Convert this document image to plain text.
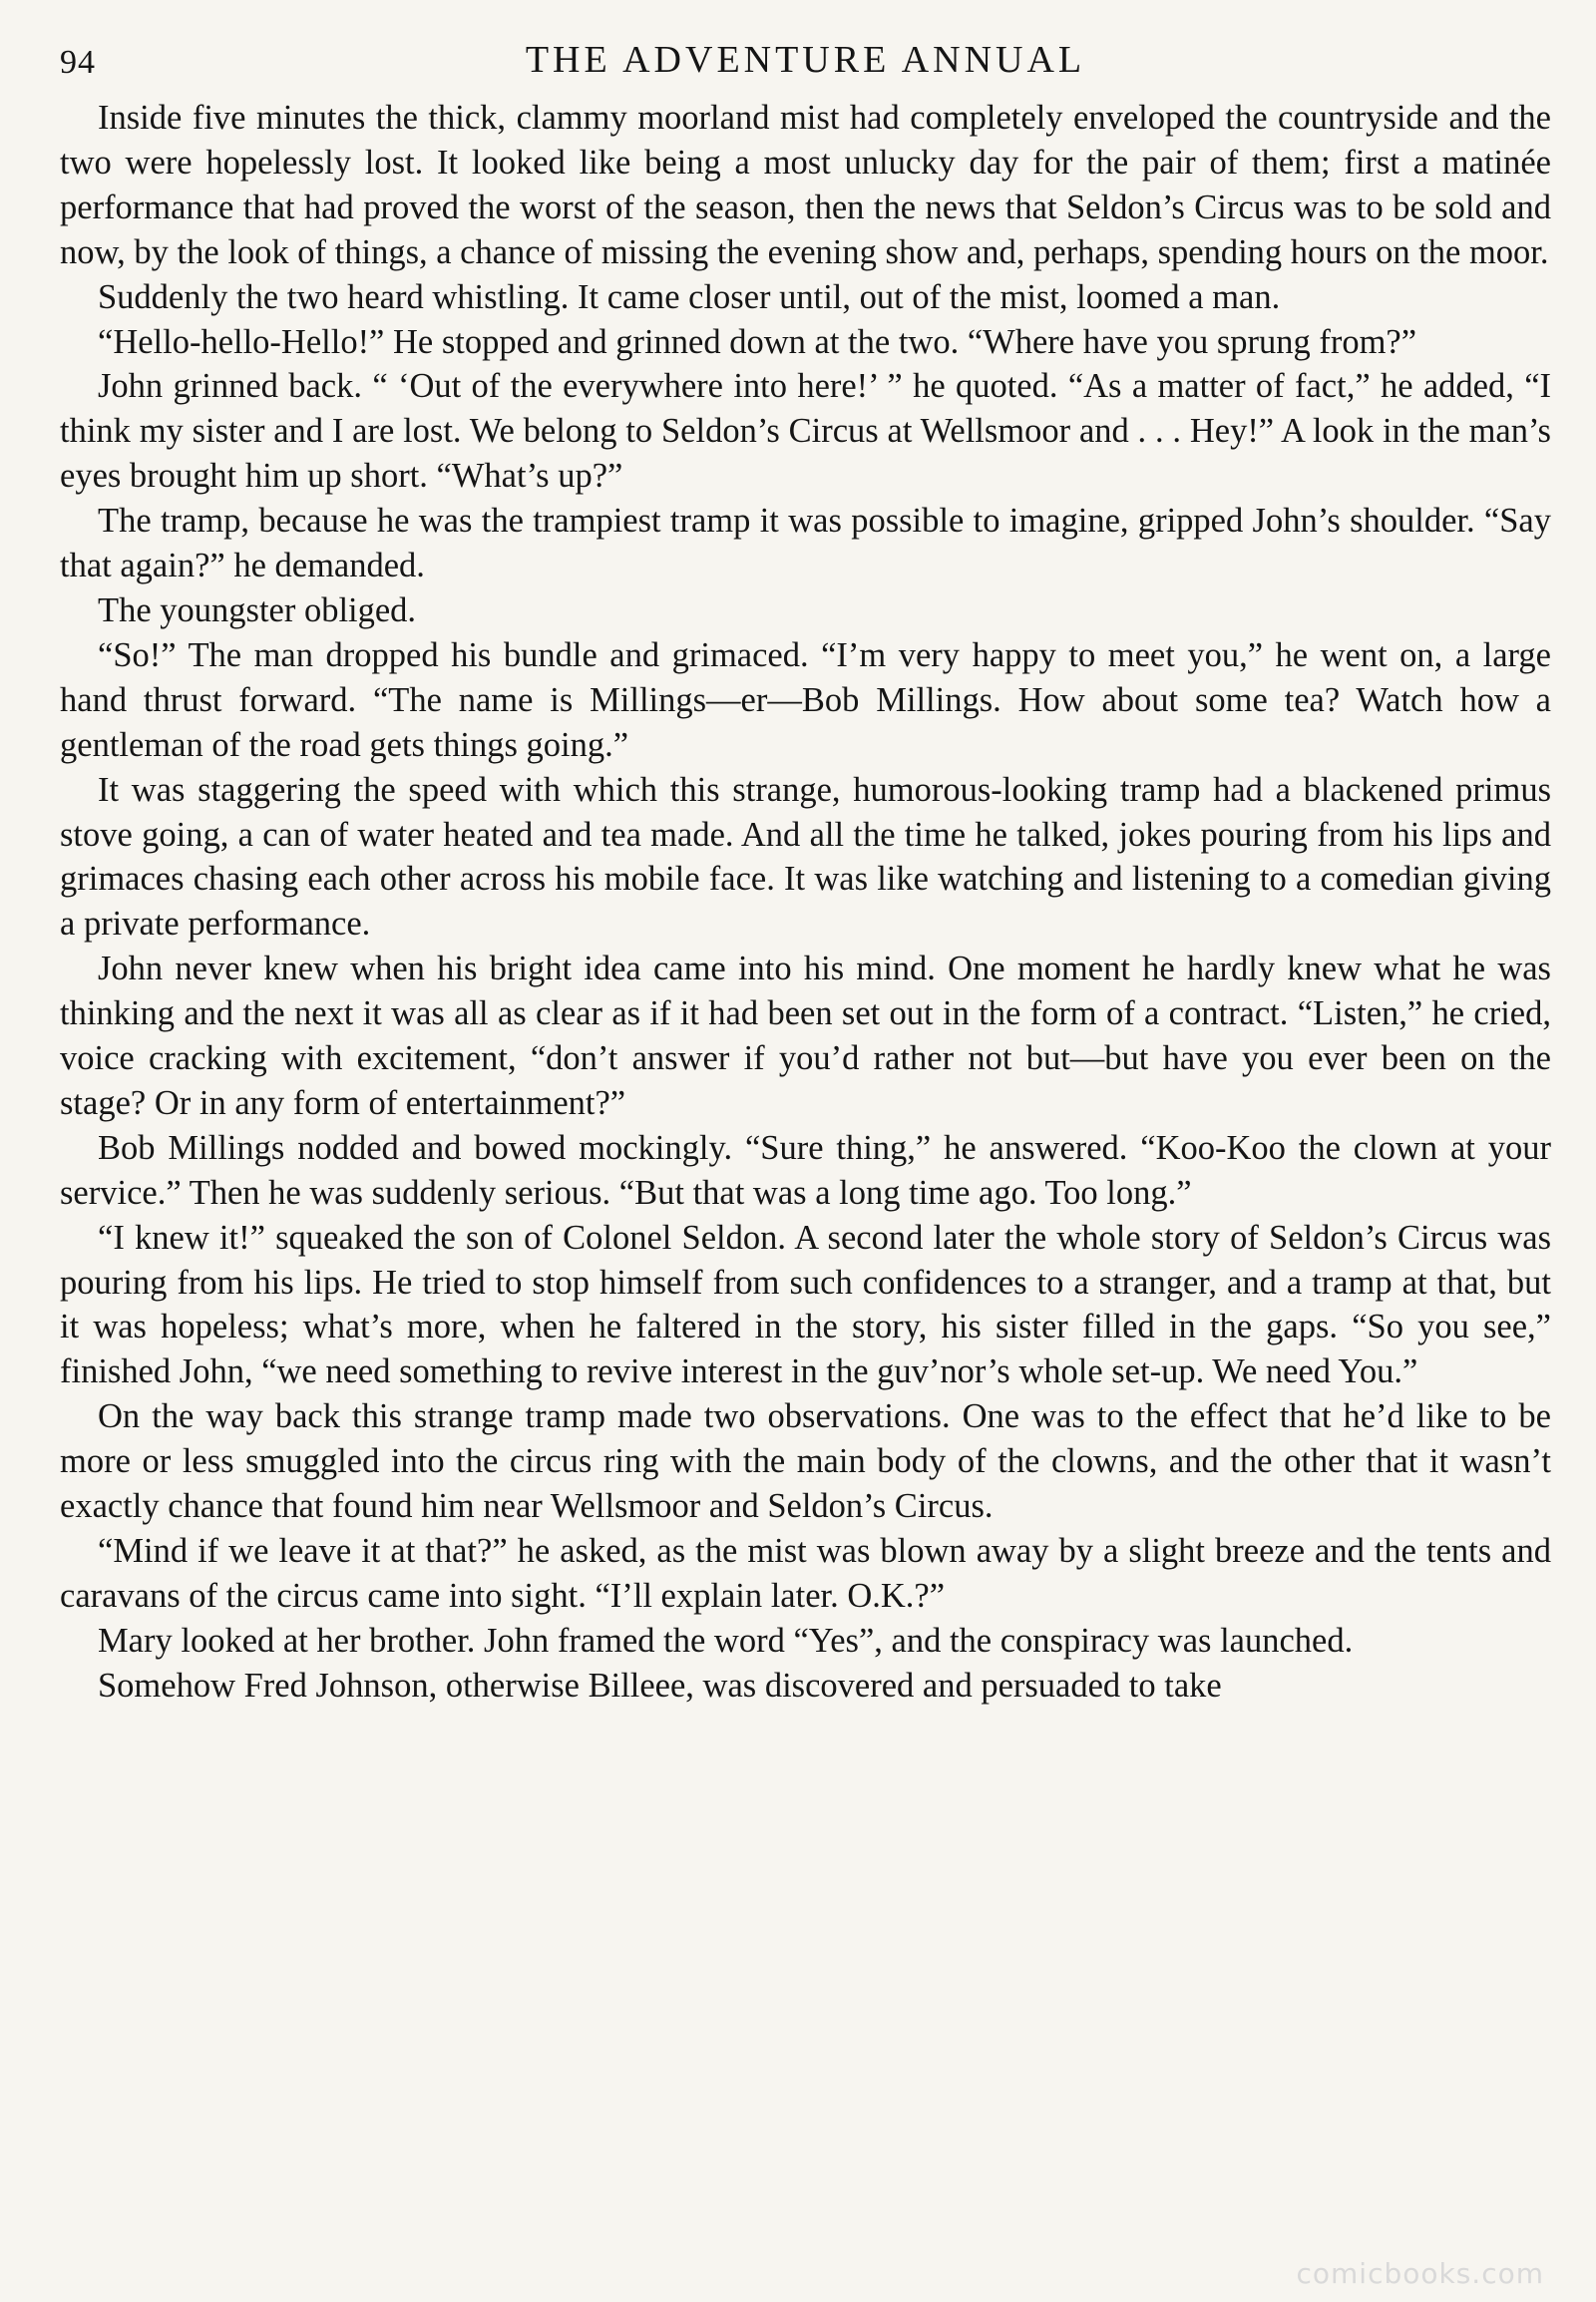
94	THE ADVENTURE ANNUAL

Inside five minutes the thick, clammy moorland mist had completely enveloped the countryside and the two were hopelessly lost. It looked like being a most unlucky day for the pair of them; first a matinée performance that had proved the worst of the season, then the news that Seldon’s Circus was to be sold and now, by the look of things, a chance of missing the evening show and, perhaps, spending hours on the moor.

Suddenly the two heard whistling. It came closer until, out of the mist, loomed a man.

“Hello-hello-Hello!” He stopped and grinned down at the two. “Where have you sprung from?”

John grinned back. “ ‘Out of the everywhere into here!’ ” he quoted. “As a matter of fact,” he added, “I think my sister and I are lost. We belong to Seldon’s Circus at Wellsmoor and . . . Hey!” A look in the man’s eyes brought him up short. “What’s up?”

The tramp, because he was the trampiest tramp it was possible to imagine, gripped John’s shoulder. “Say that again?” he demanded.

The youngster obliged.

“So!” The man dropped his bundle and grimaced. “I’m very happy to meet you,” he went on, a large hand thrust forward. “The name is Millings—er—Bob Millings. How about some tea? Watch how a gentleman of the road gets things going.”

It was staggering the speed with which this strange, humorous-looking tramp had a blackened primus stove going, a can of water heated and tea made. And all the time he talked, jokes pouring from his lips and grimaces chasing each other across his mobile face. It was like watching and listening to a comedian giving a private performance.

John never knew when his bright idea came into his mind. One moment he hardly knew what he was thinking and the next it was all as clear as if it had been set out in the form of a contract. “Listen,” he cried, voice cracking with excitement, “don’t answer if you’d rather not but—but have you ever been on the stage? Or in any form of entertainment?”

Bob Millings nodded and bowed mockingly. “Sure thing,” he answered. “Koo-Koo the clown at your service.” Then he was suddenly serious. “But that was a long time ago. Too long.”

“I knew it!” squeaked the son of Colonel Seldon. A second later the whole story of Seldon’s Circus was pouring from his lips. He tried to stop himself from such confidences to a stranger, and a tramp at that, but it was hopeless; what’s more, when he faltered in the story, his sister filled in the gaps. “So you see,” finished John, “we need something to revive interest in the guv’nor’s whole set-up. We need You.”

On the way back this strange tramp made two observations. One was to the effect that he’d like to be more or less smuggled into the circus ring with the main body of the clowns, and the other that it wasn’t exactly chance that found him near Wellsmoor and Seldon’s Circus.

“Mind if we leave it at that?” he asked, as the mist was blown away by a slight breeze and the tents and caravans of the circus came into sight. “I’ll explain later. O.K.?”

Mary looked at her brother. John framed the word “Yes”, and the conspiracy was launched.

Somehow Fred Johnson, otherwise Billeee, was discovered and persuaded to take

comicbooks.com
